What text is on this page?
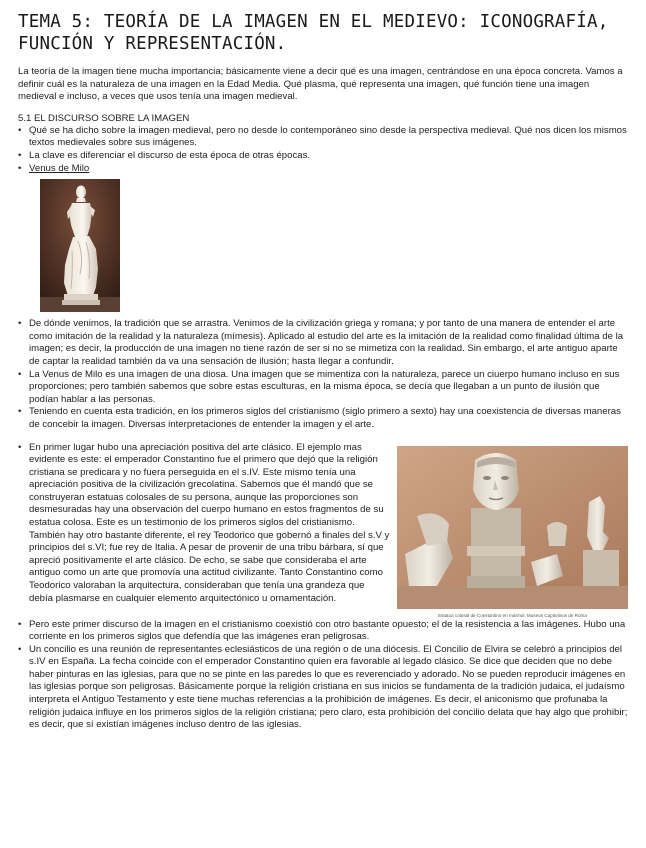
TEMA 5: TEORÍA DE LA IMAGEN EN EL MEDIEVO: ICONOGRAFÍA, FUNCIÓN Y REPRESENTACIÓN.

La teoría de la imagen tiene mucha importancia; básicamente viene a decir qué es una imagen, centrándose en una época concreta. Vamos a definir cuál es la naturaleza de una imagen en la Edad Media. Qué plasma, qué representa una imagen, qué función tiene una imagen medieval e incluso, a veces que usos tenía una imagen medieval.

5.1 EL DISCURSO SOBRE LA IMAGEN
• Qué se ha dicho sobre la imagen medieval, pero no desde lo contemporáneo sino desde la perspectiva medieval. Qué nos dicen los mismos textos medievales sobre sus imágenes.
• La clave es diferenciar el discurso de esta época de otras épocas.
• Venus de Milo
• De dónde venimos, la tradición que se arrastra. Venimos de la civilización griega y romana; y por tanto de una manera de entender el arte como imitación de la realidad y la naturaleza (mímesis). Aplicado al estudio del arte es la imitación de la realidad como finalidad última de la imagen; es decir, la producción de una imagen no tiene razón de ser si no se mimetiza con la realidad. Sin embargo, el arte antiguo aparte de captar la realidad también da va una sensación de ilusión; hasta llegar a confundir.
• La Venus de Milo es una imagen de una diosa. Una imagen que se mimentiza con la naturaleza, parece un ciuerpo humano incluso en sus proporciones; pero también sabemos que sobre estas esculturas, en la misma época, se decía que llegaban a un punto de ilusión que podían hablar a las personas.
• Teniendo en cuenta esta tradición, en los primeros siglos del cristianismo (siglo primero a sexto) hay una coexistencia de diversas maneras de concebir la imagen. Diversas interpretaciones de entender la imagen y el arte.
• En primer lugar hubo una apreciación positiva del arte clásico. El ejemplo mas evidente es este: el emperador Constantino fue el primero que dejó que la religión cristiana se predicara y no fuera perseguida en el s.IV. Este mismo tenía una apreciación positiva de la civilización grecolatina. Sabemos que él mandó que se construyeran estatuas colosales de su persona, aunque las proporciones son desmesuradas hay una observación del cuerpo humano en estos fragmentos de su estatua colosa. Este es un testimonio de los primeros siglos del cristianismo. También hay otro bastante diferente, el rey Teodorico que gobernó a finales del s.V y principios del s.VI; fue rey de Italia. A pesar de provenir de una tribu bárbara, sí que apreció positivamente el arte clásico. De echo, se sabe que consideraba el arte antiguo como un arte que promovía una actitud civilizante. Tanto Constantino como Teodorico valoraban la arquitectura, consideraban que tenía una grandeza que debía plasmarse en cualquier elemento arquitectónico u ornamentación.
Estatua colosal de Constantino en mármol. Museos Capitolinos de Roma
• Pero este primer discurso de la imagen en el cristianismo coexistió con otro bastante opuesto; el de la resistencia a las imágenes. Hubo una corriente en los primeros siglos que defendía que las imágenes eran peligrosas.
• Un concilio es una reunión de representantes eclesiásticos de una región o de una diócesis. El Concilio de Elvira se celebró a principios del s.IV en España. La fecha coincide con el emperador Constantino quien era favorable al legado clásico. Se dice que deciden que no debe haber pinturas en las iglesias, para que no se pinte en las paredes lo que es reverenciado y adorado. No se pueden reproducir imágenes en las iglesias porque son peligrosas. Básicamente porque la religión cristiana en sus inicios se fundamenta de la tradición judaica, el judaísmo interpreta el Antiguo Testamento y este tiene muchas referencias a la prohibición de imágenes. Es decir, el aniconismo que profunaba la religión judaica influye en los primeros siglos de la religión cristiana; pero claro, esta prohibición del concilio delata que hay algo que prohibir; es decir, que sí existían imágenes incluso dentro de las iglesias.
